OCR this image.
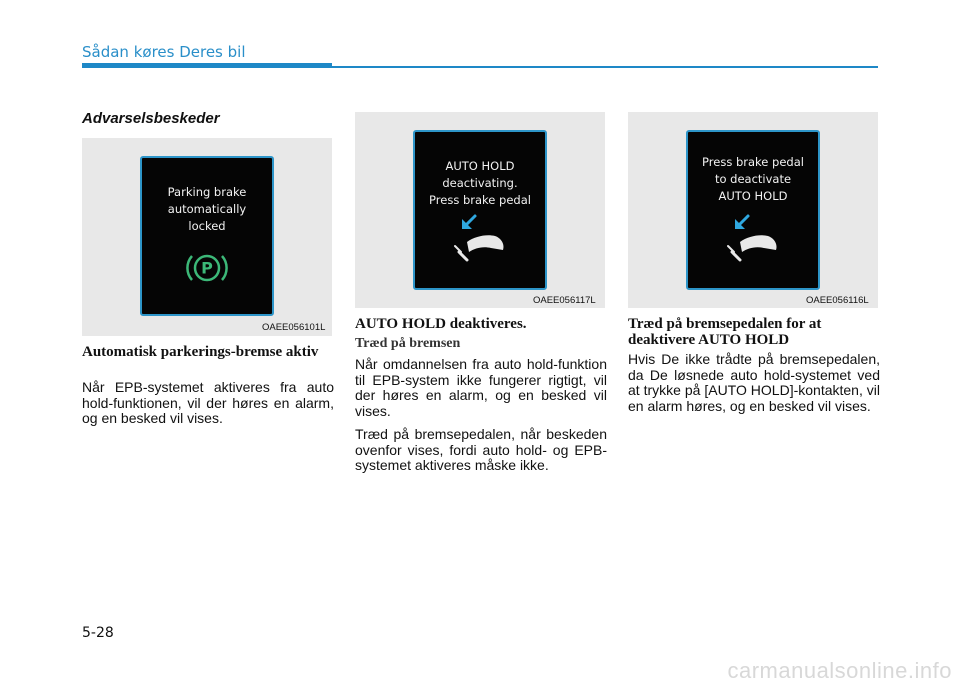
Sådan køres Deres bil
Advarselsbeskeder
Parking brake
automatically
locked
P
OAEE056101L
AUTO HOLD
deactivating.
Press brake pedal
OAEE056117L
Press brake pedal
to deactivate
AUTO HOLD
OAEE056116L
Automatisk parkerings-bremse aktiv

Når EPB-systemet aktiveres fra auto hold-funktionen, vil der høres en alarm, og en besked vil vises.

AUTO HOLD deaktiveres.
Træd på bremsen

Når omdannelsen fra auto hold-funktion til EPB-system ikke fungerer rigtigt, vil der høres en alarm, og en besked vil vises.

Træd på bremsepedalen, når beskeden ovenfor vises, fordi auto hold- og EPB-systemet aktiveres måske ikke.

Træd på bremsepedalen for at deaktivere AUTO HOLD

Hvis De ikke trådte på bremsepedalen, da De løsnede auto hold-systemet ved at trykke på [AUTO HOLD]-kontakten, vil en alarm høres, og en besked vil vises.

5-28
carmanualsonline.info
